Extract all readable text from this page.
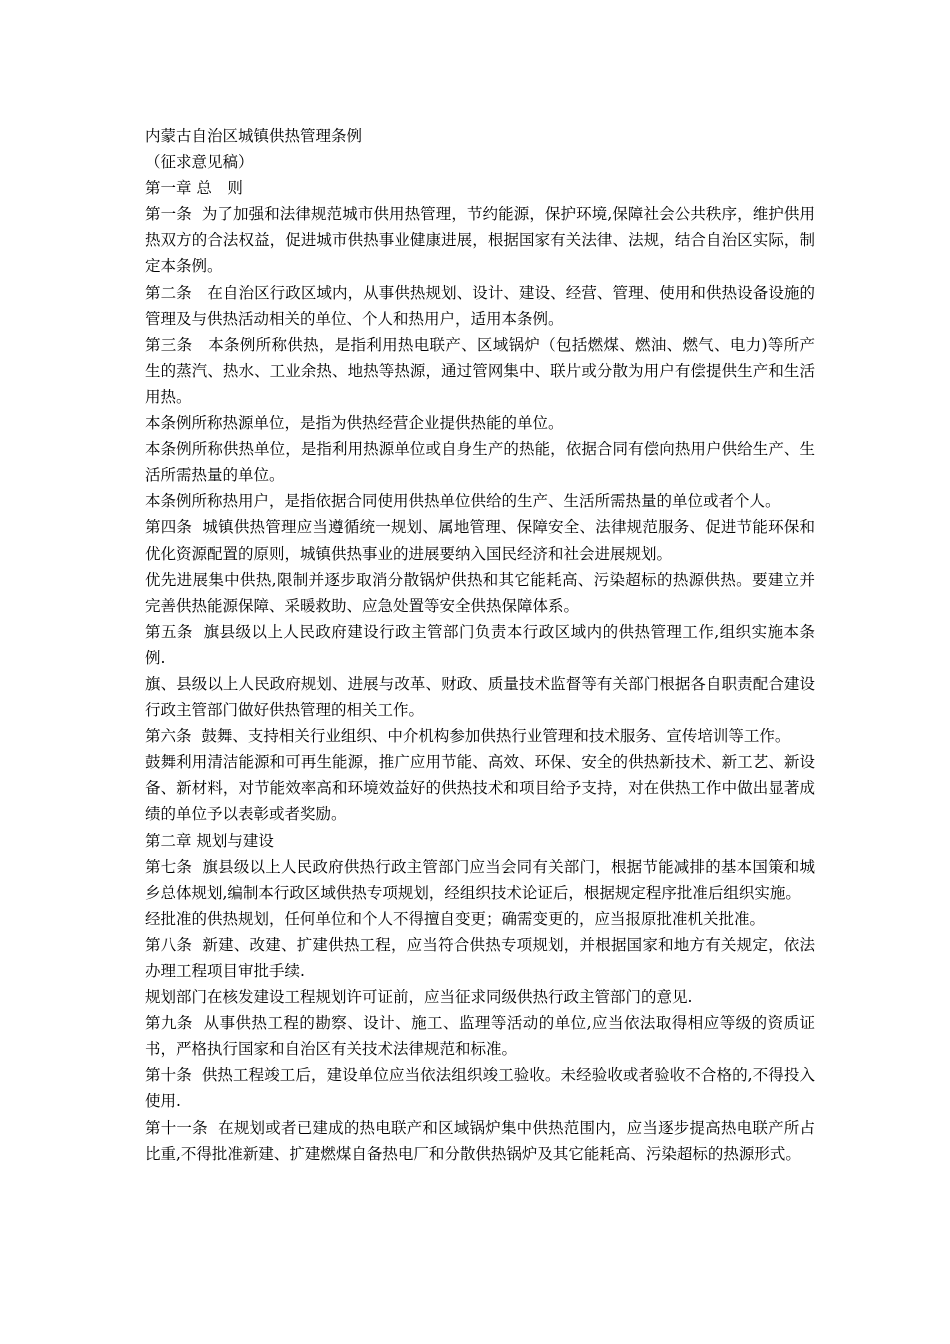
内蒙古自治区城镇供热管理条例

（征求意见稿）

第一章 总　则

第一条  为了加强和法律规范城市供用热管理，节约能源，保护环境,保障社会公共秩序，维护供用热双方的合法权益，促进城市供热事业健康进展，根据国家有关法律、法规，结合自治区实际，制定本条例。

第二条　在自治区行政区域内，从事供热规划、设计、建设、经营、管理、使用和供热设备设施的管理及与供热活动相关的单位、个人和热用户，适用本条例。

第三条　本条例所称供热，是指利用热电联产、区域锅炉（包括燃煤、燃油、燃气、电力)等所产生的蒸汽、热水、工业余热、地热等热源，通过管网集中、联片或分散为用户有偿提供生产和生活用热。

本条例所称热源单位，是指为供热经营企业提供热能的单位。

本条例所称供热单位，是指利用热源单位或自身生产的热能，依据合同有偿向热用户供给生产、生活所需热量的单位。

本条例所称热用户，是指依据合同使用供热单位供给的生产、生活所需热量的单位或者个人。

第四条  城镇供热管理应当遵循统一规划、属地管理、保障安全、法律规范服务、促进节能环保和优化资源配置的原则，城镇供热事业的进展要纳入国民经济和社会进展规划。

优先进展集中供热,限制并逐步取消分散锅炉供热和其它能耗高、污染超标的热源供热。要建立并完善供热能源保障、采暖救助、应急处置等安全供热保障体系。

第五条  旗县级以上人民政府建设行政主管部门负责本行政区域内的供热管理工作,组织实施本条例.

旗、县级以上人民政府规划、进展与改革、财政、质量技术监督等有关部门根据各自职责配合建设行政主管部门做好供热管理的相关工作。

第六条  鼓舞、支持相关行业组织、中介机构参加供热行业管理和技术服务、宣传培训等工作。

鼓舞利用清洁能源和可再生能源，推广应用节能、高效、环保、安全的供热新技术、新工艺、新设备、新材料，对节能效率高和环境效益好的供热技术和项目给予支持，对在供热工作中做出显著成绩的单位予以表彰或者奖励。

第二章 规划与建设

第七条  旗县级以上人民政府供热行政主管部门应当会同有关部门，根据节能减排的基本国策和城乡总体规划,编制本行政区域供热专项规划，经组织技术论证后，根据规定程序批准后组织实施。

经批准的供热规划，任何单位和个人不得擅自变更；确需变更的，应当报原批准机关批准。

第八条  新建、改建、扩建供热工程，应当符合供热专项规划，并根据国家和地方有关规定，依法办理工程项目审批手续.

规划部门在核发建设工程规划许可证前，应当征求同级供热行政主管部门的意见.

第九条  从事供热工程的勘察、设计、施工、监理等活动的单位,应当依法取得相应等级的资质证书，严格执行国家和自治区有关技术法律规范和标准。

第十条  供热工程竣工后，建设单位应当依法组织竣工验收。未经验收或者验收不合格的,不得投入使用.

第十一条  在规划或者已建成的热电联产和区域锅炉集中供热范围内，应当逐步提高热电联产所占比重,不得批准新建、扩建燃煤自备热电厂和分散供热锅炉及其它能耗高、污染超标的热源形式。
